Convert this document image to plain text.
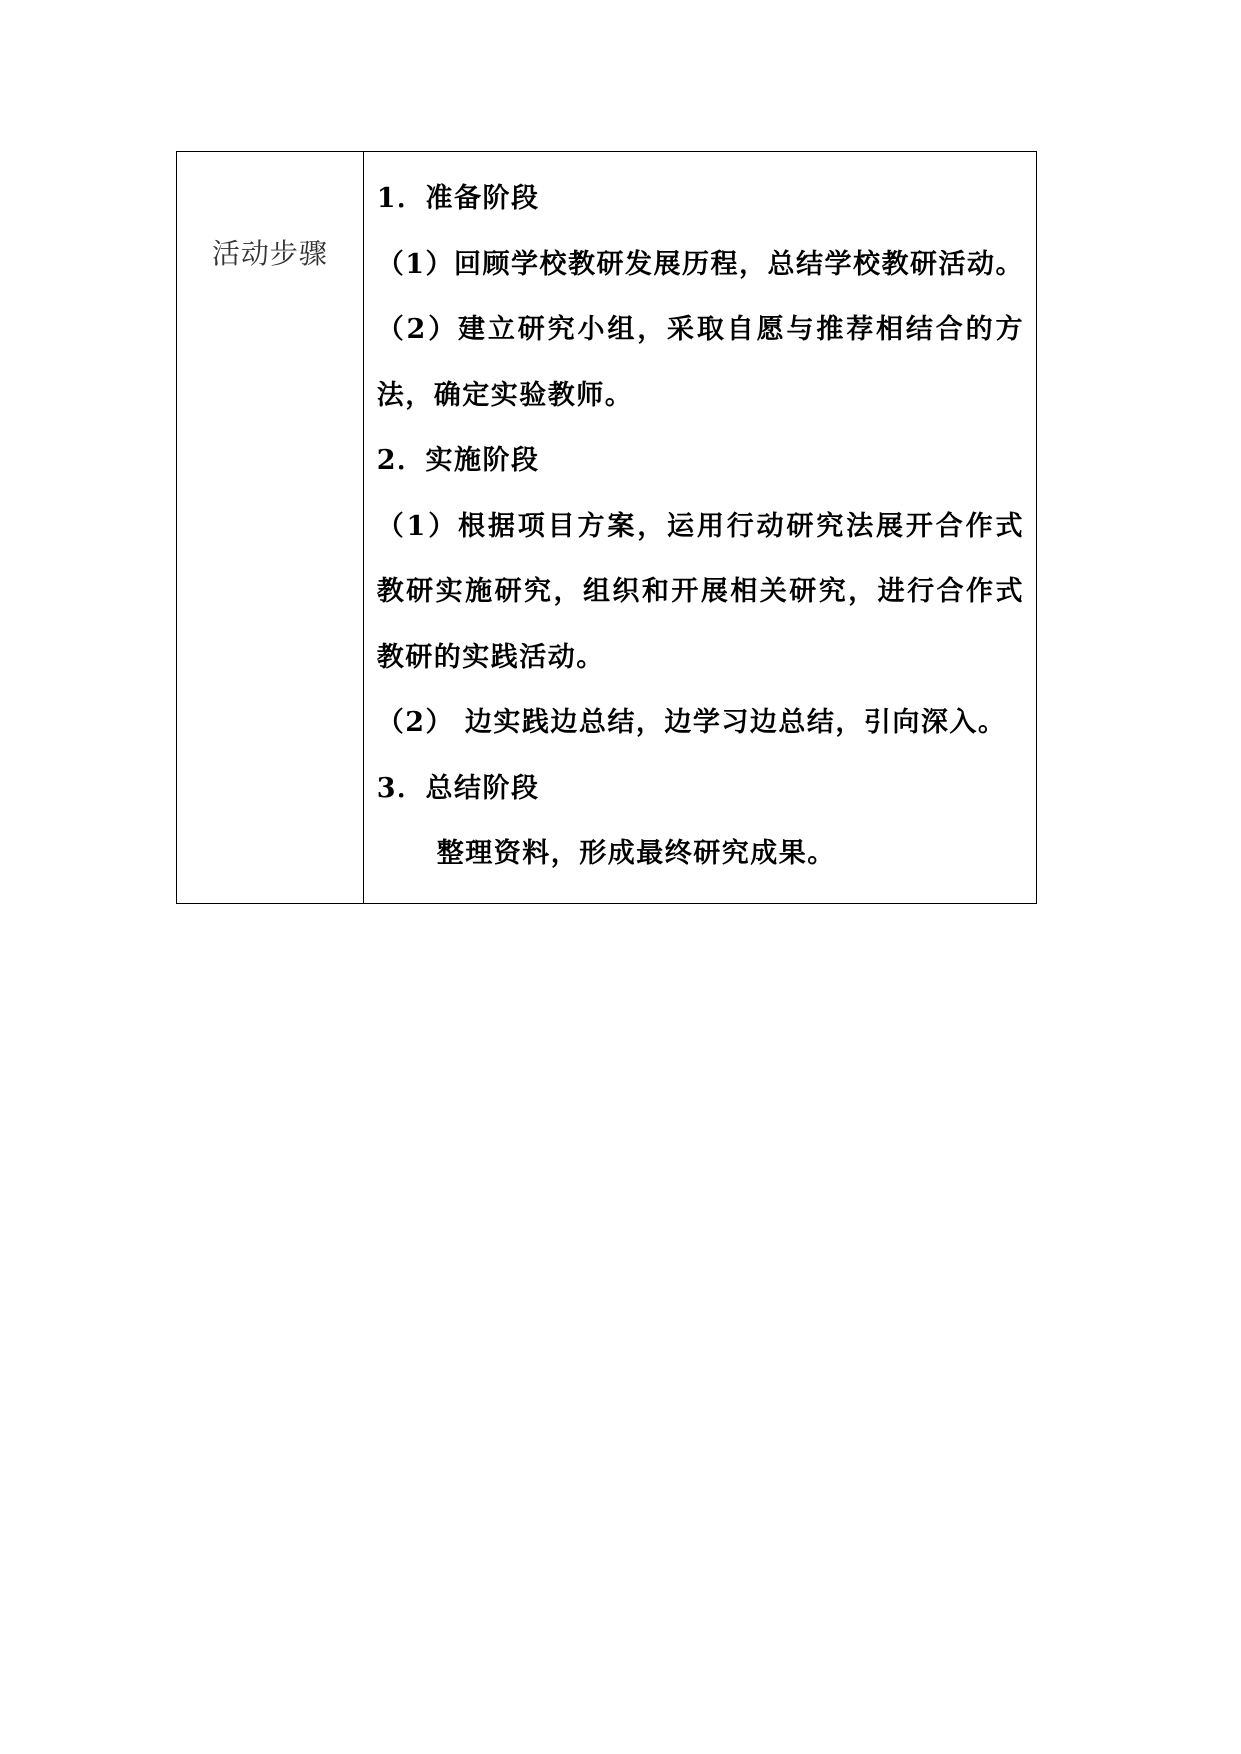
活动步骤
1．准备阶段
（1）回顾学校教研发展历程，总结学校教研活动。
（2）建立研究小组，采取自愿与推荐相结合的方
法，确定实验教师。
2．实施阶段
（1）根据项目方案，运用行动研究法展开合作式
教研实施研究，组织和开展相关研究，进行合作式
教研的实践活动。
（2） 边实践边总结，边学习边总结，引向深入。
3．总结阶段
整理资料，形成最终研究成果。
